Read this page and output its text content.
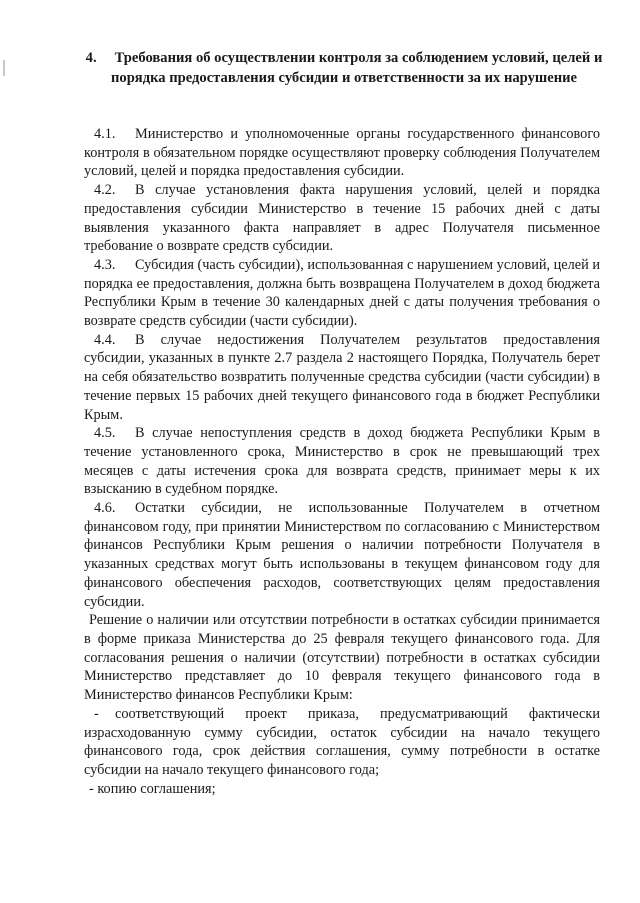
4. Требования об осуществлении контроля за соблюдением условий, целей и порядка предоставления субсидии и ответственности за их нарушение

4.1. Министерство и уполномоченные органы государственного финансового контроля в обязательном порядке осуществляют проверку соблюдения Получателем условий, целей и порядка предоставления субсидии.

4.2. В случае установления факта нарушения условий, целей и порядка предоставления субсидии Министерство в течение 15 рабочих дней с даты выявления указанного факта направляет в адрес Получателя письменное требование о возврате средств субсидии.

4.3. Субсидия (часть субсидии), использованная с нарушением условий, целей и порядка ее предоставления, должна быть возвращена Получателем в доход бюджета Республики Крым в течение 30 календарных дней с даты получения требования о возврате средств субсидии (части субсидии).

4.4. В случае недостижения Получателем результатов предоставления субсидии, указанных в пункте 2.7 раздела 2 настоящего Порядка, Получатель берет на себя обязательство возвратить полученные средства субсидии (части субсидии) в течение первых 15 рабочих дней текущего финансового года в бюджет Республики Крым.

4.5. В случае непоступления средств в доход бюджета Республики Крым в течение установленного срока, Министерство в срок не превышающий трех месяцев с даты истечения срока для возврата средств, принимает меры к их взысканию в судебном порядке.

4.6. Остатки субсидии, не использованные Получателем в отчетном финансовом году, при принятии Министерством по согласованию с Министерством финансов Республики Крым решения о наличии потребности Получателя в указанных средствах могут быть использованы в текущем финансовом году для финансового обеспечения расходов, соответствующих целям предоставления субсидии.

Решение о наличии или отсутствии потребности в остатках субсидии принимается в форме приказа Министерства до 25 февраля текущего финансового года. Для согласования решения о наличии (отсутствии) потребности в остатках субсидии Министерство представляет до 10 февраля текущего финансового года в Министерство финансов Республики Крым:

- соответствующий проект приказа, предусматривающий фактически израсходованную сумму субсидии, остаток субсидии на начало текущего финансового года, срок действия соглашения, сумму потребности в остатке субсидии на начало текущего финансового года;

- копию соглашения;
